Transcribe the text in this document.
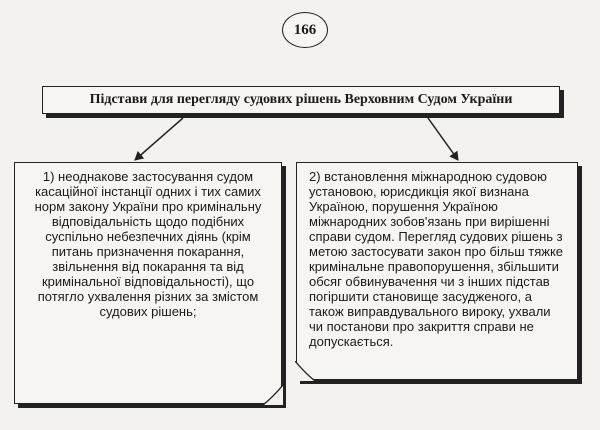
166
Підстави для перегляду судових рішень Верховним Судом України
1) неоднакове застосування судом касаційної інстанції одних і тих самих норм закону України про кримінальну відповідальність щодо подібних суспільно небезпечних діянь (крім питань призначення покарання, звільнення від покарання та від кримінальної відповідальності), що потягло ухвалення різних за змістом судових рішень;
2) встановлення міжнародною судовою установою, юрисдикція якої визнана Україною, порушення Україною міжнародних зобов'язань при вирішенні справи судом. Перегляд судових рішень з метою застосувати закон про більш тяжке кримінальне правопорушення, збільшити обсяг обвинувачення чи з інших підстав погіршити становище засудженого, а також виправдувального вироку, ухвали чи постанови про закриття справи не допускається.
